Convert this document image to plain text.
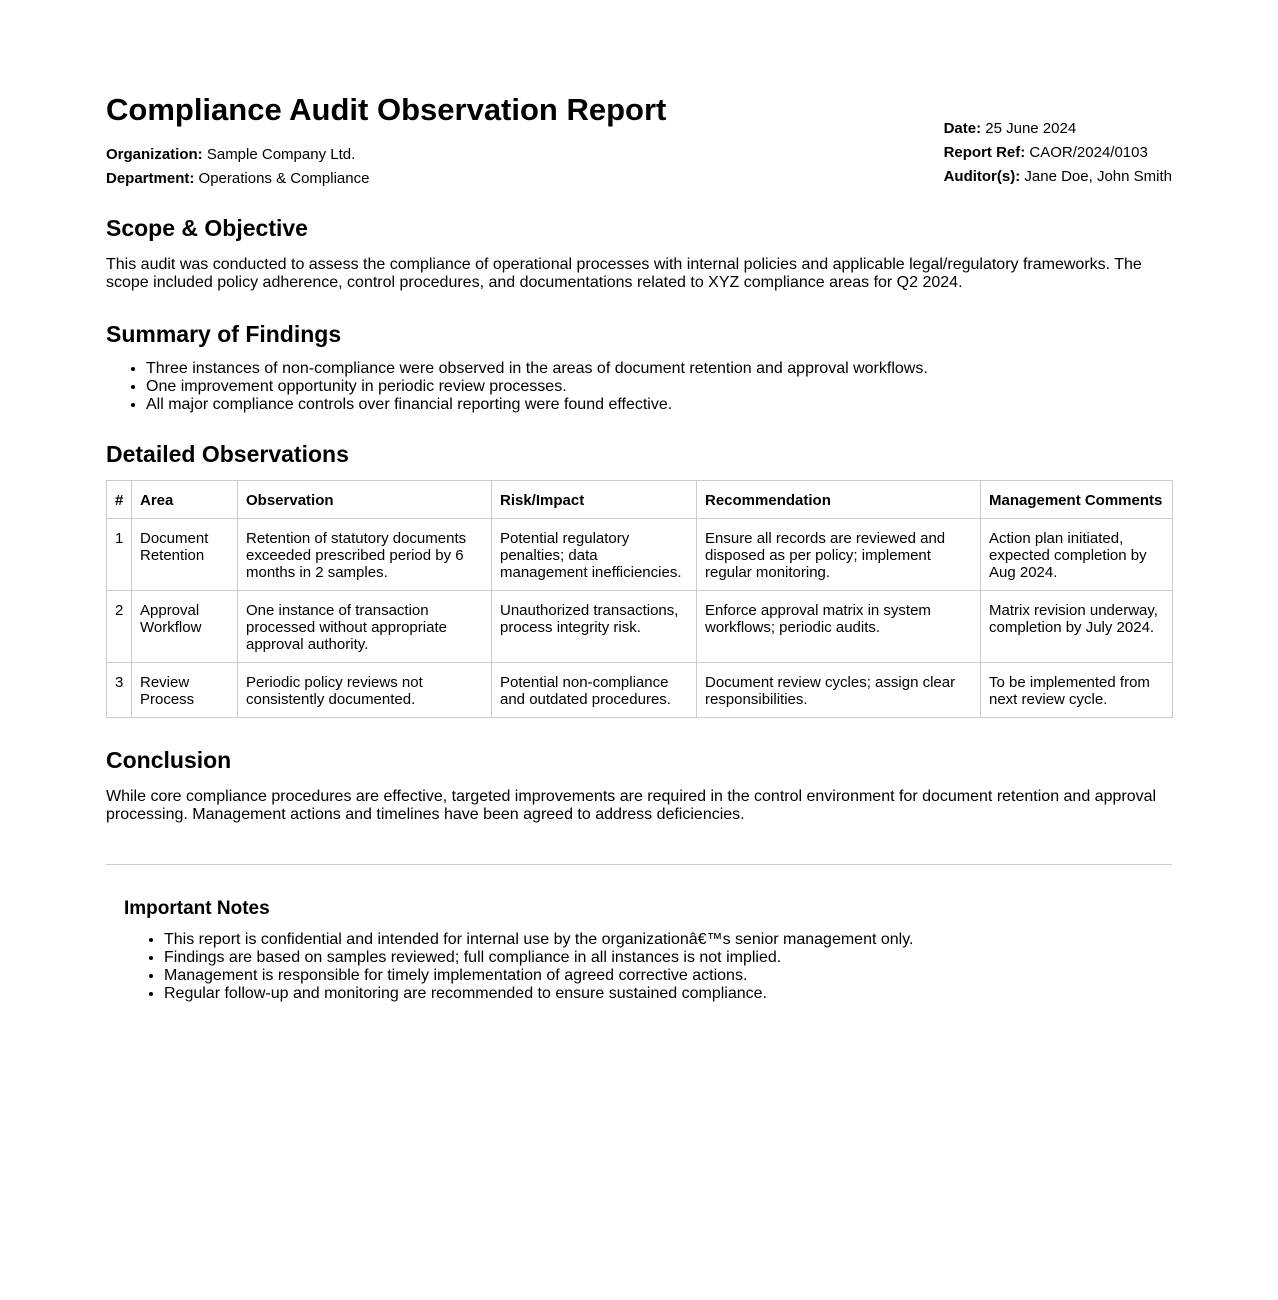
Compliance Audit Observation Report
Organization: Sample Company Ltd.
Department: Operations & Compliance
Date: 25 June 2024
Report Ref: CAOR/2024/0103
Auditor(s): Jane Doe, John Smith
Scope & Objective

This audit was conducted to assess the compliance of operational processes with internal policies and applicable legal/regulatory frameworks. The scope included policy adherence, control procedures, and documentations related to XYZ compliance areas for Q2 2024.

Summary of Findings
• Three instances of non-compliance were observed in the areas of document retention and approval workflows.
• One improvement opportunity in periodic review processes.
• All major compliance controls over financial reporting were found effective.
Detailed Observations
#	Area	Observation	Risk/Impact	Recommendation	Management Comments
1	Document Retention	Retention of statutory documents exceeded prescribed period by 6 months in 2 samples.	Potential regulatory penalties; data management inefficiencies.	Ensure all records are reviewed and disposed as per policy; implement regular monitoring.	Action plan initiated, expected completion by Aug 2024.
2	Approval Workflow	One instance of transaction processed without appropriate approval authority.	Unauthorized transactions, process integrity risk.	Enforce approval matrix in system workflows; periodic audits.	Matrix revision underway, completion by July 2024.
3	Review Process	Periodic policy reviews not consistently documented.	Potential non-compliance and outdated procedures.	Document review cycles; assign clear responsibilities.	To be implemented from next review cycle.
Conclusion

While core compliance procedures are effective, targeted improvements are required in the control environment for document retention and approval processing. Management actions and timelines have been agreed to address deficiencies.

Important Notes
• This report is confidential and intended for internal use by the organizationâ€™s senior management only.
• Findings are based on samples reviewed; full compliance in all instances is not implied.
• Management is responsible for timely implementation of agreed corrective actions.
• Regular follow-up and monitoring are recommended to ensure sustained compliance.
